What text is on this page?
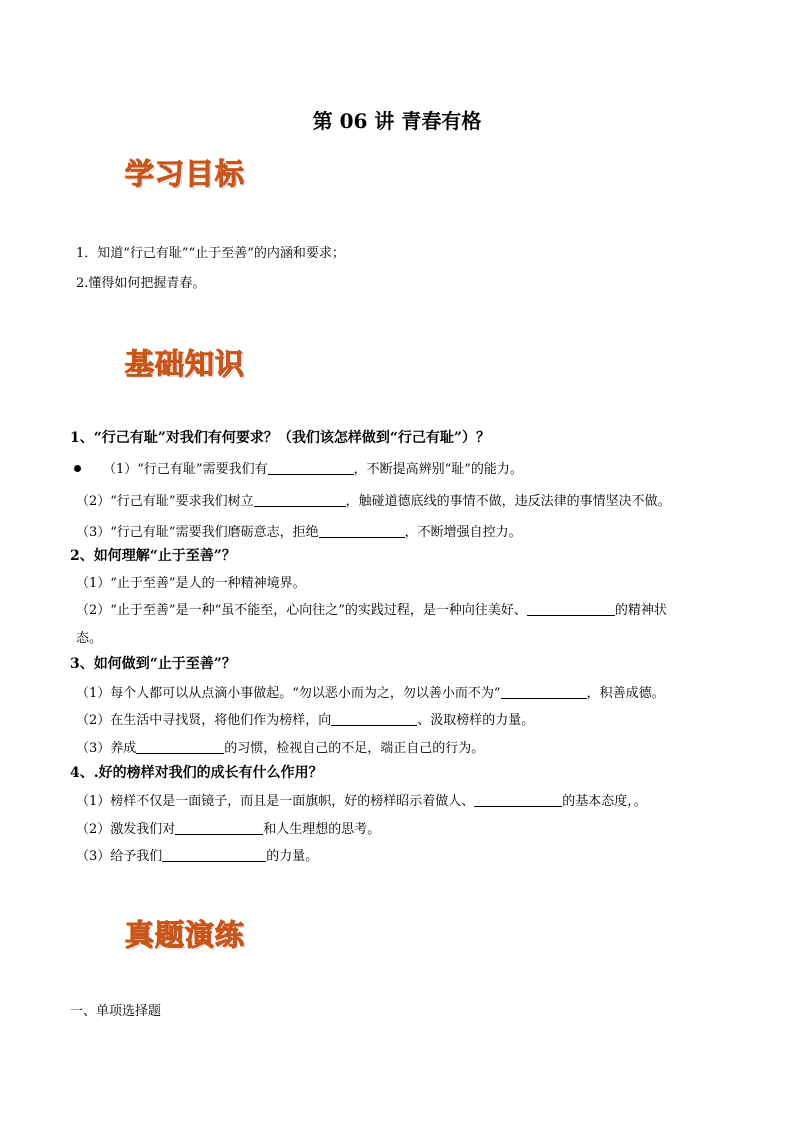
第 06 讲 青春有格
学习目标
1．知道“行己有耻”“止于至善”的内涵和要求；
2.懂得如何把握青春。
基础知识
1、“行己有耻”对我们有何要求？（我们该怎样做到“行己有耻”）？
（1）“行己有耻”需要我们有	，不断提高辨别“耻”的能力。
（2）“行己有耻”要求我们树立	，触碰道德底线的事情不做，违反法律的事情坚决不做。
（3）“行己有耻”需要我们磨砺意志，拒绝	，不断增强自控力。
2、如何理解“止于至善”？
（1）“止于至善”是人的一种精神境界。
（2）“止于至善”是一种“虽不能至，心向往之”的实践过程，是一种向往美好、	的精神状
态。
3、如何做到“止于至善”？
（1）每个人都可以从点滴小事做起。“勿以恶小而为之，勿以善小而不为”	，积善成德。
（2）在生活中寻找贤，将他们作为榜样，向	、汲取榜样的力量。
（3）养成	的习惯，检视自己的不足，端正自己的行为。
4、.好的榜样对我们的成长有什么作用？
（1）榜样不仅是一面镜子，而且是一面旗帜，好的榜样昭示着做人、	的基本态度，。
（2）激发我们对	和人生理想的思考。
（3）给予我们	的力量。
真题演练
一、单项选择题
